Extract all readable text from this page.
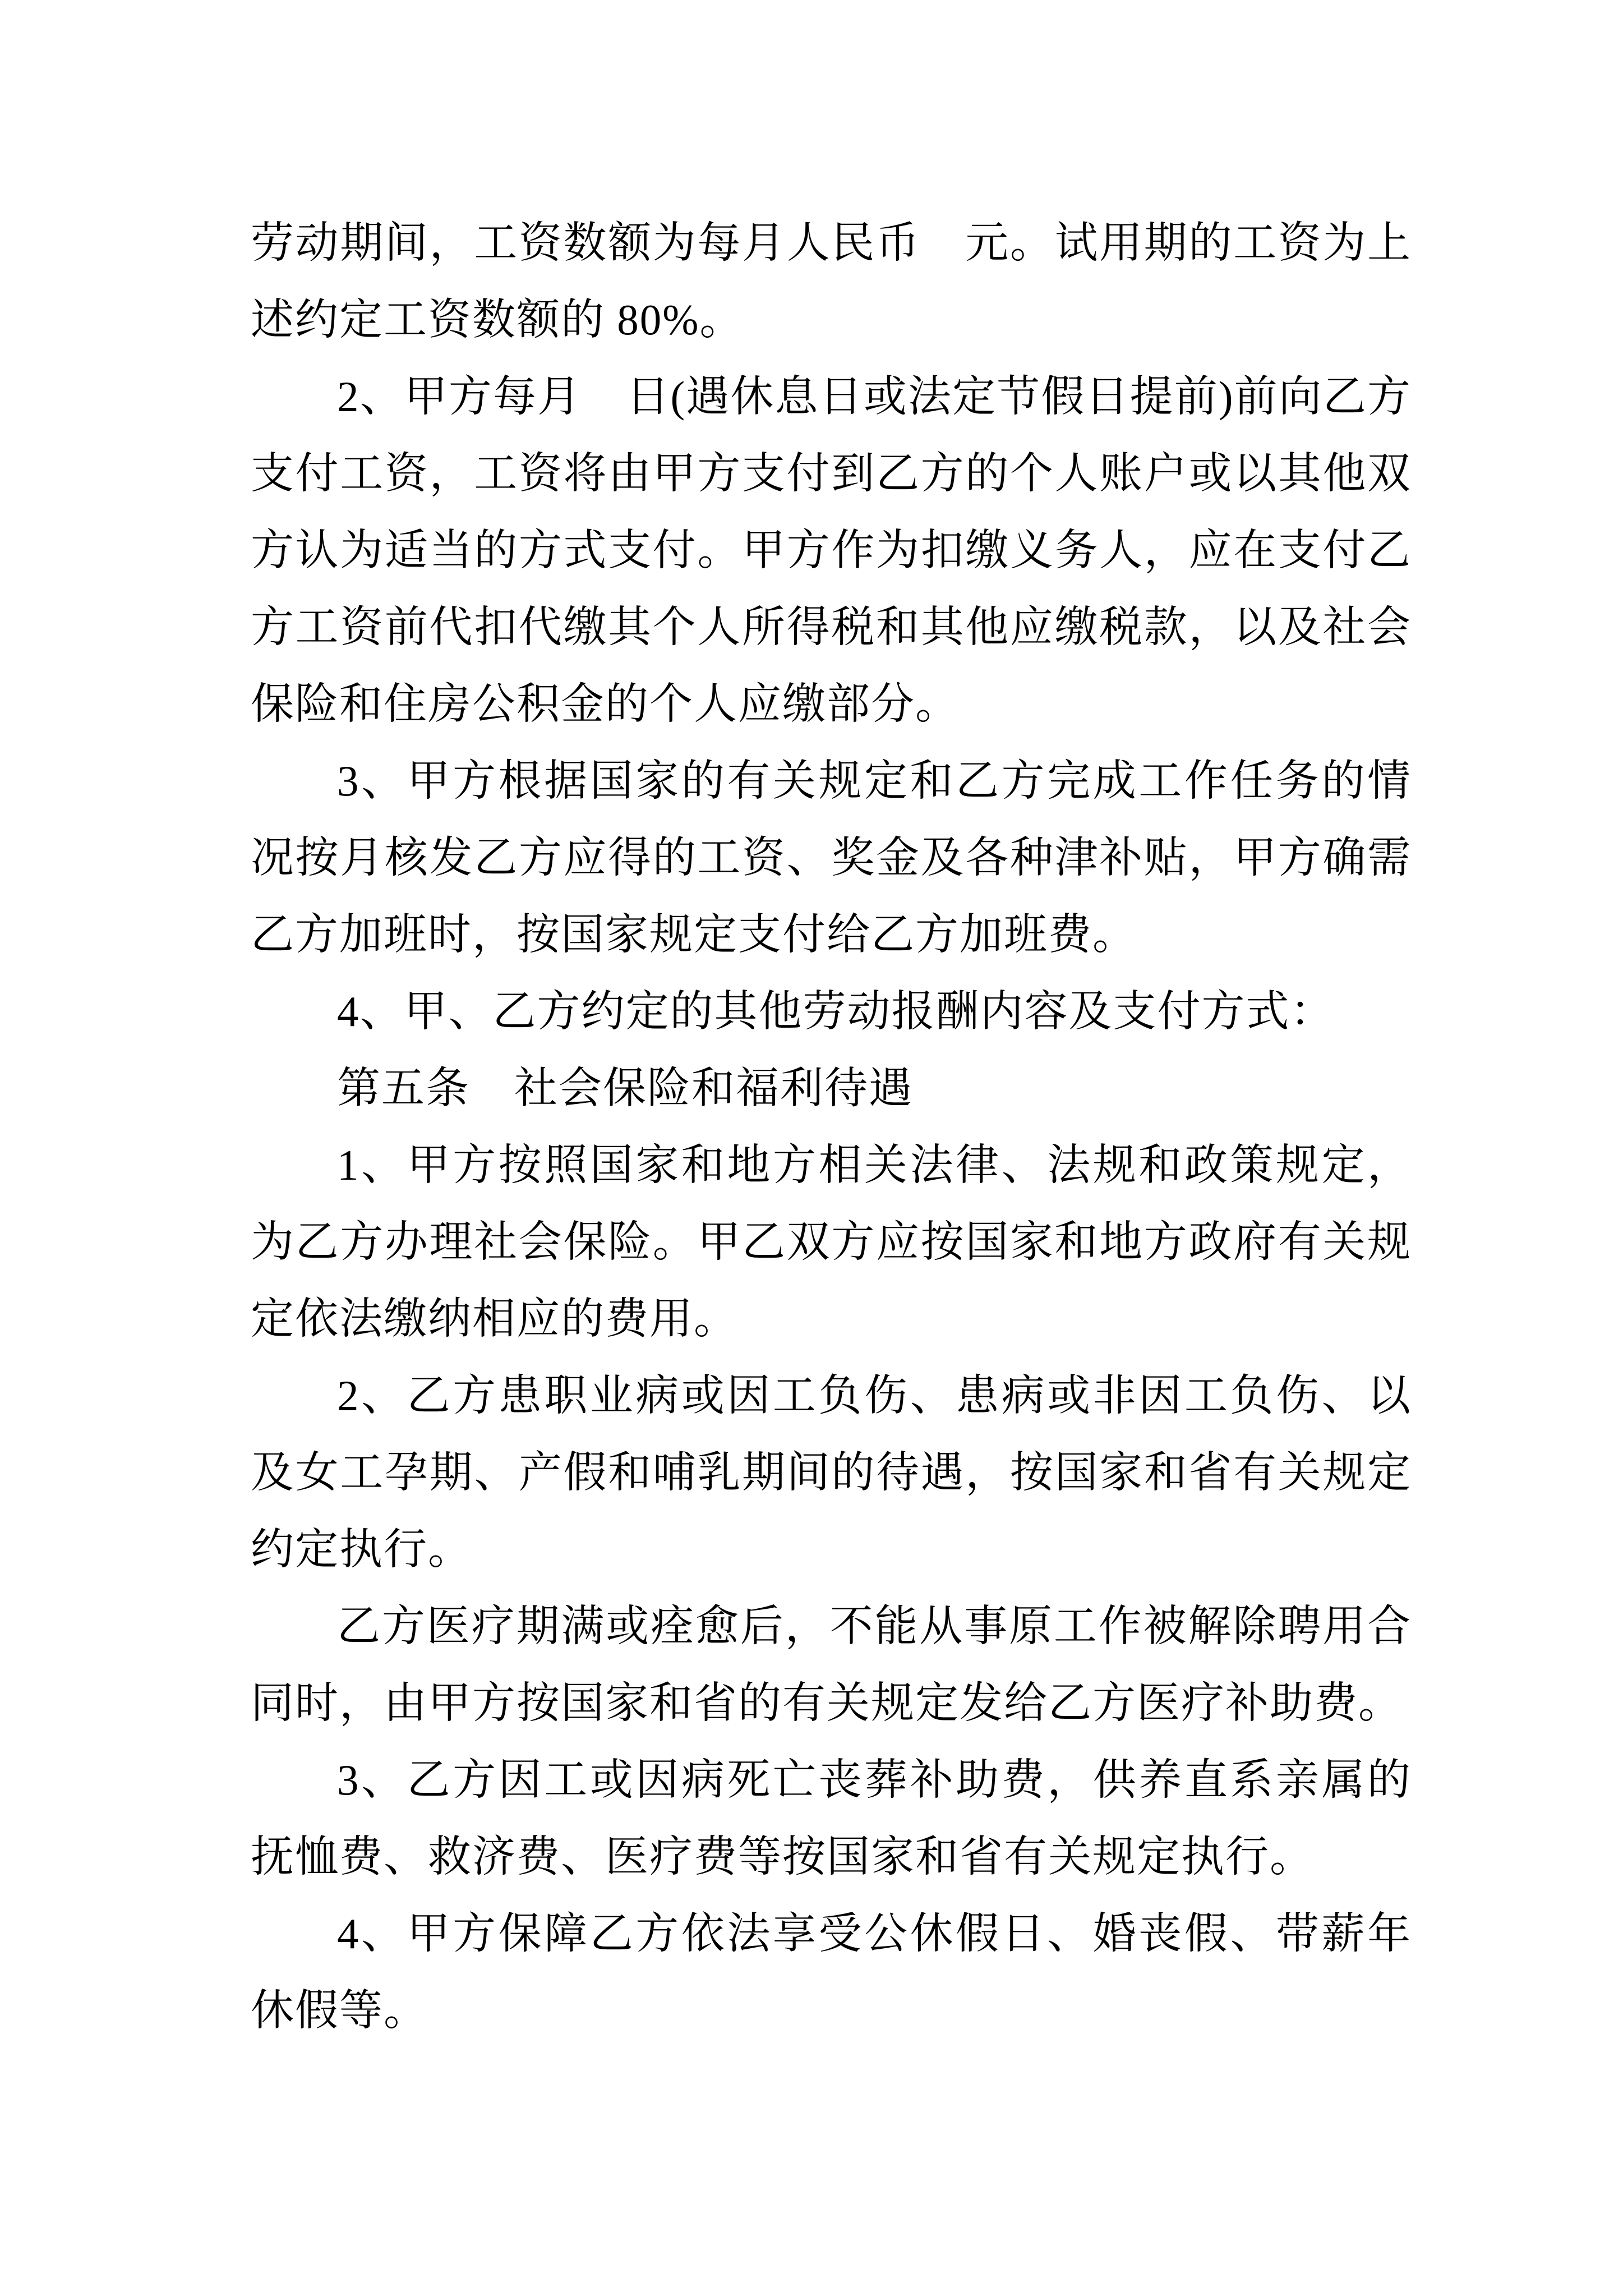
劳动期间，工资数额为每月人民币　元。试用期的工资为上
述约定工资数额的 80%。
2、甲方每月　日(遇休息日或法定节假日提前)前向乙方
支付工资，工资将由甲方支付到乙方的个人账户或以其他双
方认为适当的方式支付。甲方作为扣缴义务人，应在支付乙
方工资前代扣代缴其个人所得税和其他应缴税款，以及社会
保险和住房公积金的个人应缴部分。
3、甲方根据国家的有关规定和乙方完成工作任务的情
况按月核发乙方应得的工资、奖金及各种津补贴，甲方确需
乙方加班时，按国家规定支付给乙方加班费。
4、甲、乙方约定的其他劳动报酬内容及支付方式：
第五条　社会保险和福利待遇
1、甲方按照国家和地方相关法律、法规和政策规定，
为乙方办理社会保险。甲乙双方应按国家和地方政府有关规
定依法缴纳相应的费用。
2、乙方患职业病或因工负伤、患病或非因工负伤、以
及女工孕期、产假和哺乳期间的待遇，按国家和省有关规定
约定执行。
乙方医疗期满或痊愈后，不能从事原工作被解除聘用合
同时，由甲方按国家和省的有关规定发给乙方医疗补助费。
3、乙方因工或因病死亡丧葬补助费，供养直系亲属的
抚恤费、救济费、医疗费等按国家和省有关规定执行。
4、甲方保障乙方依法享受公休假日、婚丧假、带薪年
休假等。
